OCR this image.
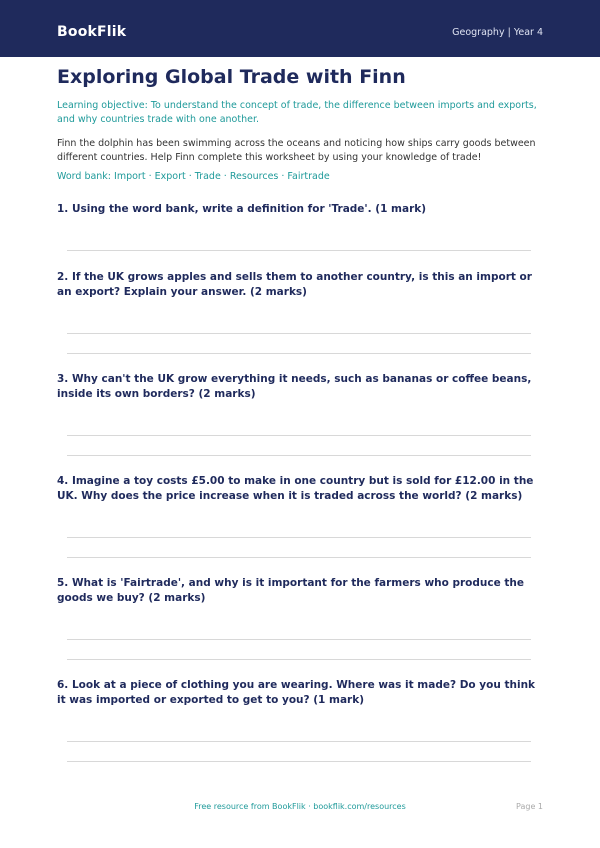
BookFlik	Geography | Year 4
Exploring Global Trade with Finn
Learning objective: To understand the concept of trade, the difference between imports and exports, and why countries trade with one another.
Finn the dolphin has been swimming across the oceans and noticing how ships carry goods between different countries. Help Finn complete this worksheet by using your knowledge of trade!
Word bank: Import · Export · Trade · Resources · Fairtrade
1. Using the word bank, write a definition for 'Trade'. (1 mark)
2. If the UK grows apples and sells them to another country, is this an import or an export? Explain your answer. (2 marks)
3. Why can't the UK grow everything it needs, such as bananas or coffee beans, inside its own borders? (2 marks)
4. Imagine a toy costs £5.00 to make in one country but is sold for £12.00 in the UK. Why does the price increase when it is traded across the world? (2 marks)
5. What is 'Fairtrade', and why is it important for the farmers who produce the goods we buy? (2 marks)
6. Look at a piece of clothing you are wearing. Where was it made? Do you think it was imported or exported to get to you? (1 mark)
Free resource from BookFlik · bookflik.com/resources	Page 1
